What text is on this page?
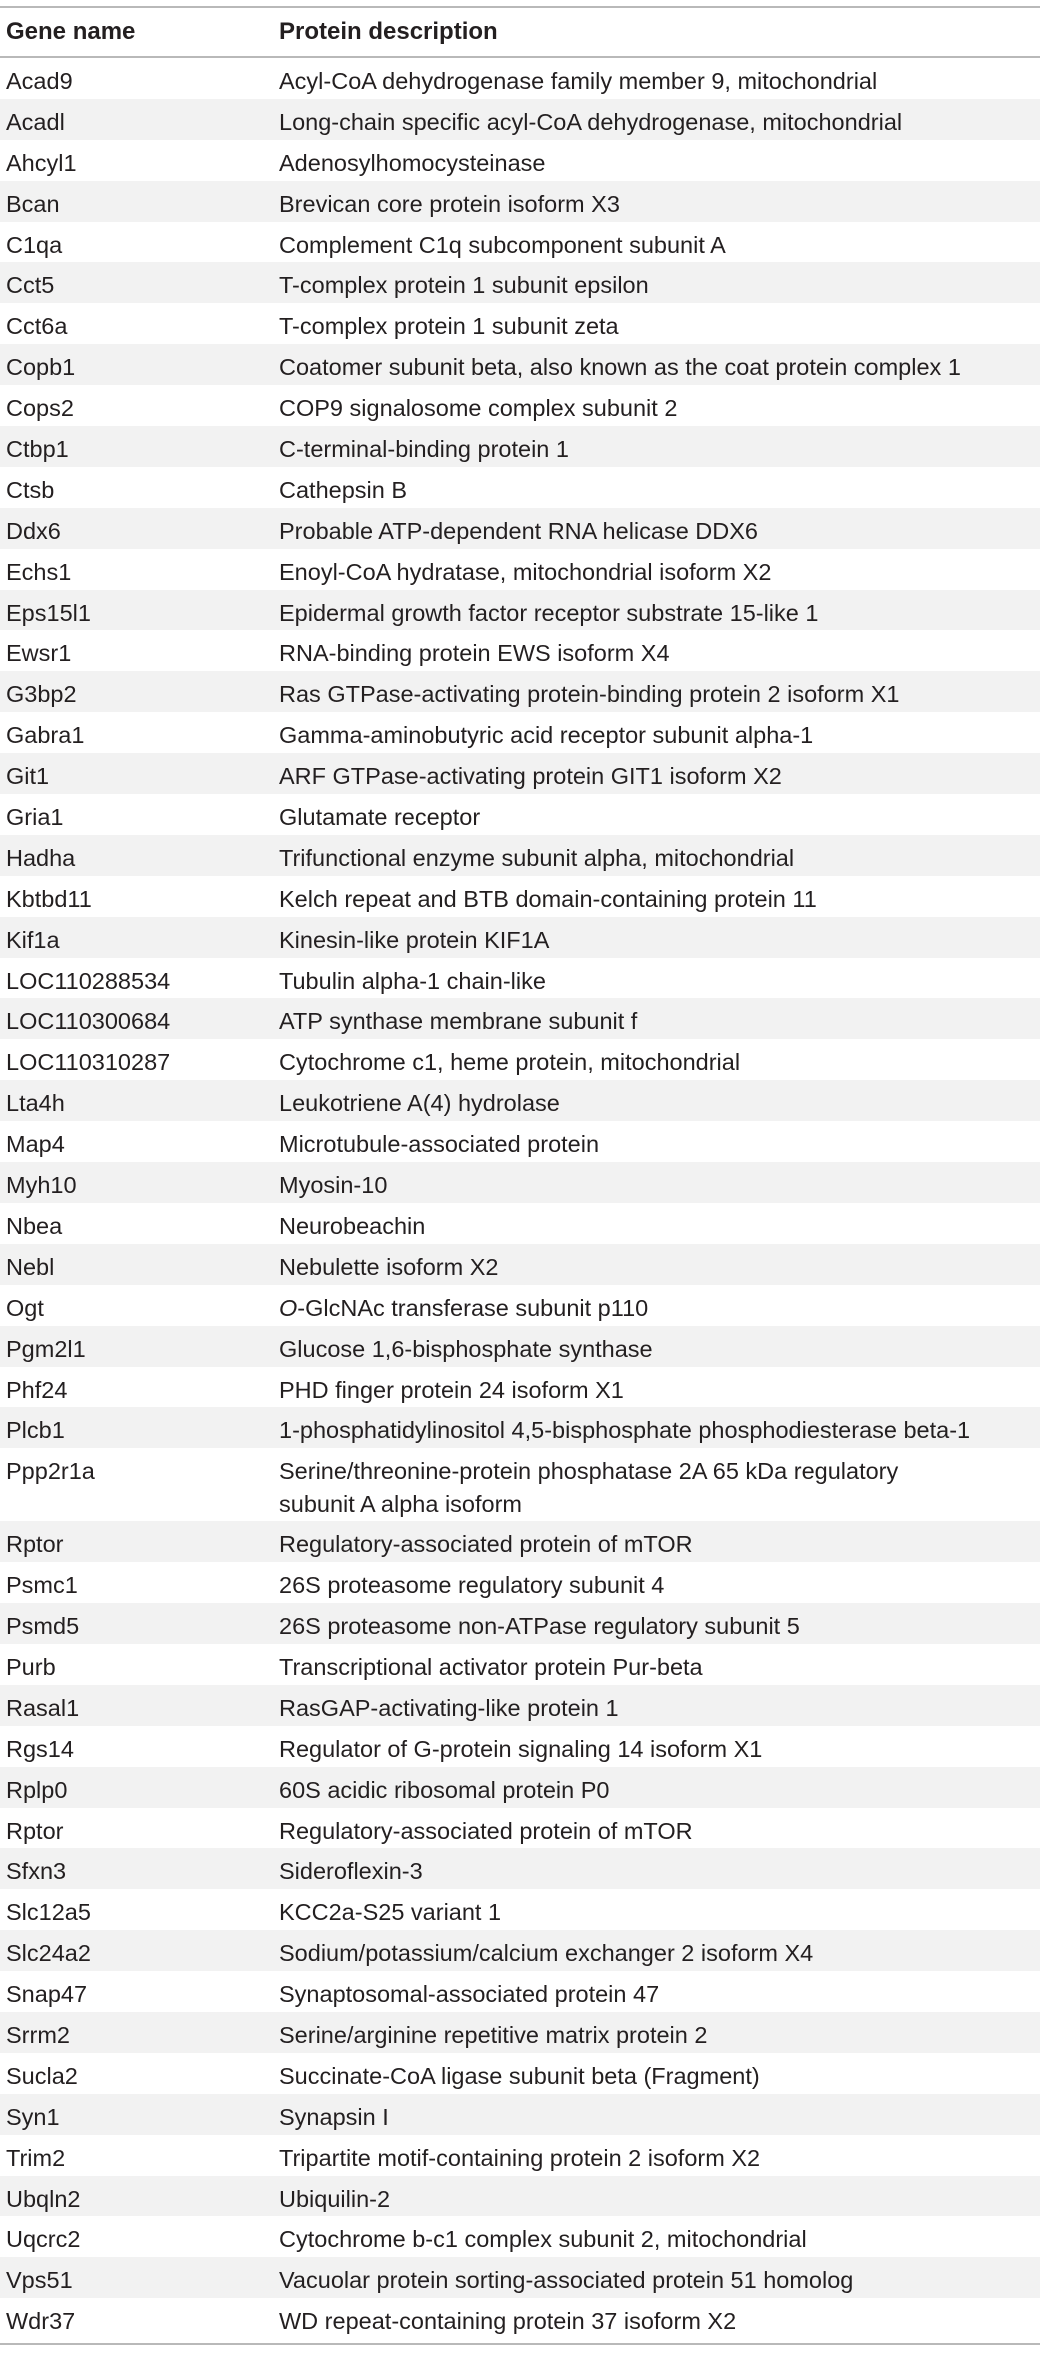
Gene name	Protein description
Acad9	Acyl-CoA dehydrogenase family member 9, mitochondrial
Acadl	Long-chain specific acyl-CoA dehydrogenase, mitochondrial
Ahcyl1	Adenosylhomocysteinase
Bcan	Brevican core protein isoform X3
C1qa	Complement C1q subcomponent subunit A
Cct5	T-complex protein 1 subunit epsilon
Cct6a	T-complex protein 1 subunit zeta
Copb1	Coatomer subunit beta, also known as the coat protein complex 1
Cops2	COP9 signalosome complex subunit 2
Ctbp1	C-terminal-binding protein 1
Ctsb	Cathepsin B
Ddx6	Probable ATP-dependent RNA helicase DDX6
Echs1	Enoyl-CoA hydratase, mitochondrial isoform X2
Eps15l1	Epidermal growth factor receptor substrate 15-like 1
Ewsr1	RNA-binding protein EWS isoform X4
G3bp2	Ras GTPase-activating protein-binding protein 2 isoform X1
Gabra1	Gamma-aminobutyric acid receptor subunit alpha-1
Git1	ARF GTPase-activating protein GIT1 isoform X2
Gria1	Glutamate receptor
Hadha	Trifunctional enzyme subunit alpha, mitochondrial
Kbtbd11	Kelch repeat and BTB domain-containing protein 11
Kif1a	Kinesin-like protein KIF1A
LOC110288534	Tubulin alpha-1 chain-like
LOC110300684	ATP synthase membrane subunit f
LOC110310287	Cytochrome c1, heme protein, mitochondrial
Lta4h	Leukotriene A(4) hydrolase
Map4	Microtubule-associated protein
Myh10	Myosin-10
Nbea	Neurobeachin
Nebl	Nebulette isoform X2
Ogt	O-GlcNAc transferase subunit p110
Pgm2l1	Glucose 1,6-bisphosphate synthase
Phf24	PHD finger protein 24 isoform X1
Plcb1	1-phosphatidylinositol 4,5-bisphosphate phosphodiesterase beta-1
Ppp2r1a	Serine/threonine-protein phosphatase 2A 65 kDa regulatory
subunit A alpha isoform
Rptor	Regulatory-associated protein of mTOR
Psmc1	26S proteasome regulatory subunit 4
Psmd5	26S proteasome non-ATPase regulatory subunit 5
Purb	Transcriptional activator protein Pur-beta
Rasal1	RasGAP-activating-like protein 1
Rgs14	Regulator of G-protein signaling 14 isoform X1
Rplp0	60S acidic ribosomal protein P0
Rptor	Regulatory-associated protein of mTOR
Sfxn3	Sideroflexin-3
Slc12a5	KCC2a-S25 variant 1
Slc24a2	Sodium/potassium/calcium exchanger 2 isoform X4
Snap47	Synaptosomal-associated protein 47
Srrm2	Serine/arginine repetitive matrix protein 2
Sucla2	Succinate-CoA ligase subunit beta (Fragment)
Syn1	Synapsin I
Trim2	Tripartite motif-containing protein 2 isoform X2
Ubqln2	Ubiquilin-2
Uqcrc2	Cytochrome b-c1 complex subunit 2, mitochondrial
Vps51	Vacuolar protein sorting-associated protein 51 homolog
Wdr37	WD repeat-containing protein 37 isoform X2
